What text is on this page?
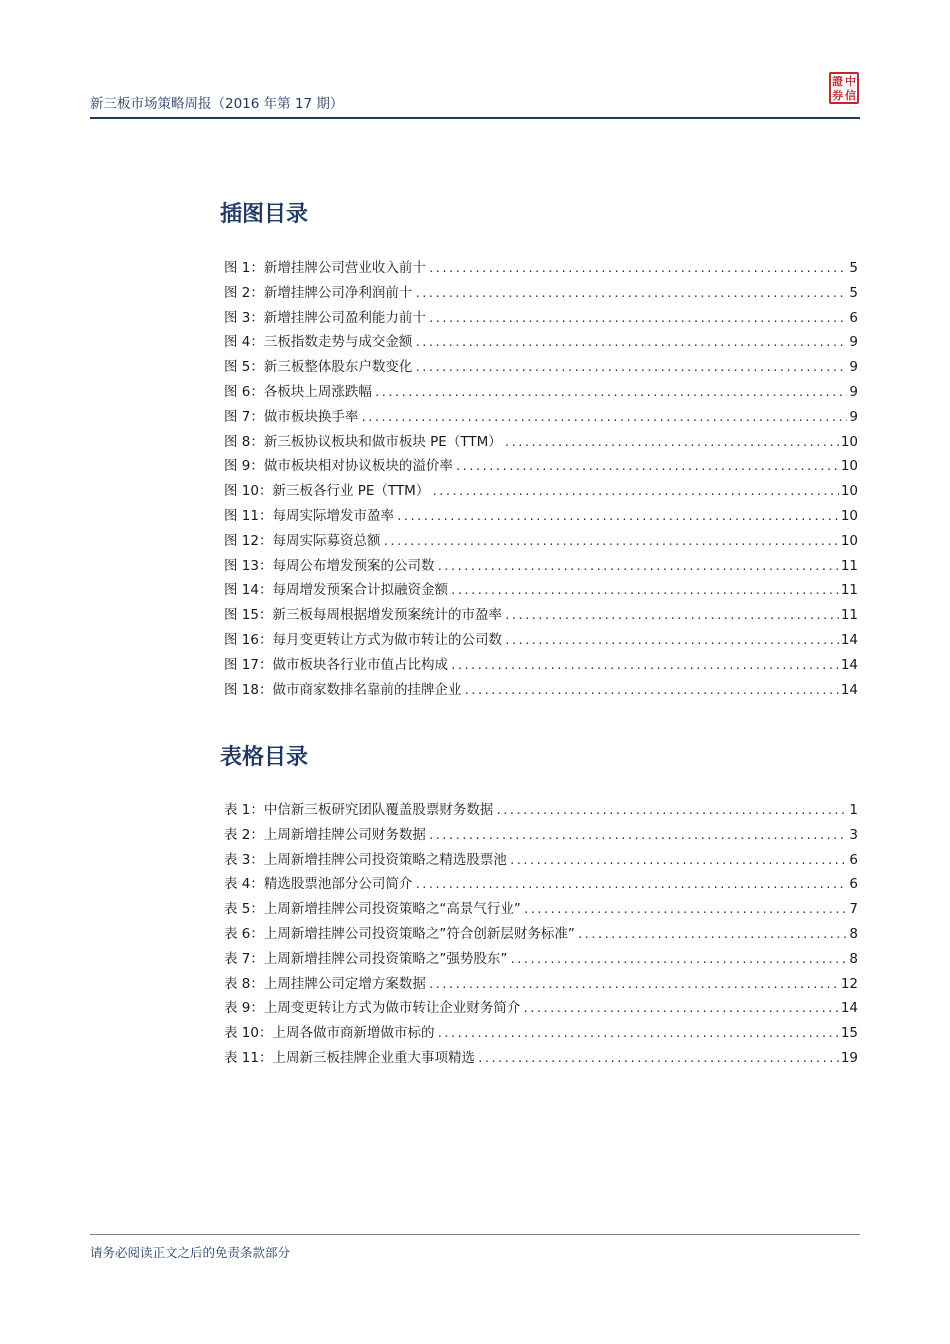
新三板市场策略周报（2016 年第 17 期）
證 中
券 信
插图目录
图 1：新增挂牌公司营业收入前十 .....	5
图 2：新增挂牌公司净利润前十 .....	5
图 3：新增挂牌公司盈利能力前十 .....	6
图 4：三板指数走势与成交金额 .....	9
图 5：新三板整体股东户数变化 .....	9
图 6：各板块上周涨跌幅 .....	9
图 7：做市板块换手率 .....	9
图 8：新三板协议板块和做市板块 PE（TTM） .....	10
图 9：做市板块相对协议板块的溢价率 .....	10
图 10：新三板各行业 PE（TTM） .....	10
图 11：每周实际增发市盈率 .....	10
图 12：每周实际募资总额 .....	10
图 13：每周公布增发预案的公司数 .....	11
图 14：每周增发预案合计拟融资金额 .....	11
图 15：新三板每周根据增发预案统计的市盈率 .....	11
图 16：每月变更转让方式为做市转让的公司数 .....	14
图 17：做市板块各行业市值占比构成 .....	14
图 18：做市商家数排名靠前的挂牌企业 .....	14
表格目录
表 1：中信新三板研究团队覆盖股票财务数据 .....	1
表 2：上周新增挂牌公司财务数据 .....	3
表 3：上周新增挂牌公司投资策略之精选股票池 .....	6
表 4：精选股票池部分公司简介 .....	6
表 5：上周新增挂牌公司投资策略之“高景气行业” .....	7
表 6：上周新增挂牌公司投资策略之”符合创新层财务标准” .....	8
表 7：上周新增挂牌公司投资策略之”强势股东” .....	8
表 8：上周挂牌公司定增方案数据 .....	12
表 9：上周变更转让方式为做市转让企业财务简介 .....	14
表 10：上周各做市商新增做市标的 .....	15
表 11：上周新三板挂牌企业重大事项精选 .....	19
请务必阅读正文之后的免责条款部分
